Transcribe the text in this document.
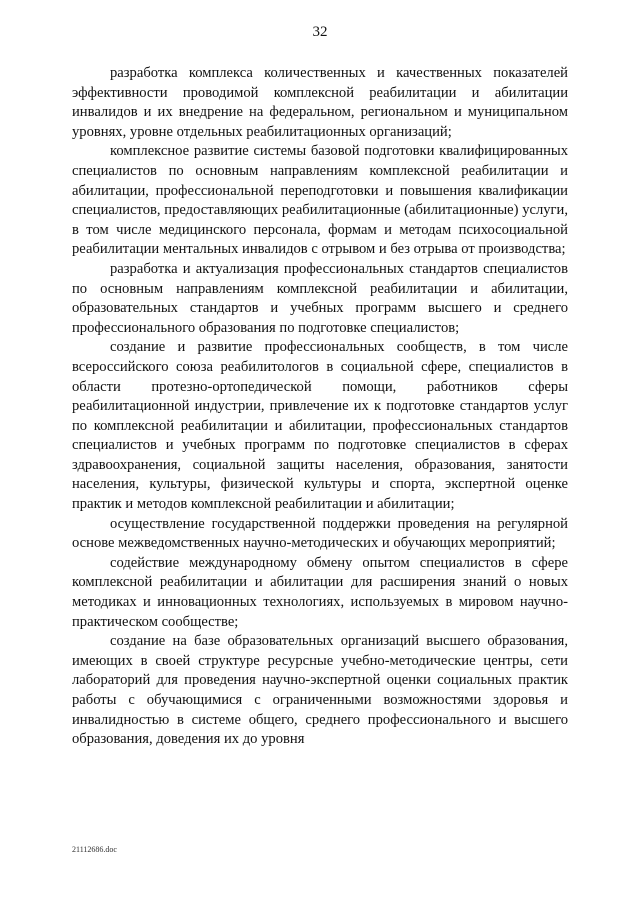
32

разработка комплекса количественных и качественных показателей эффективности проводимой комплексной реабилитации и абилитации инвалидов и их внедрение на федеральном, региональном и муниципальном уровнях, уровне отдельных реабилитационных организаций;

комплексное развитие системы базовой подготовки квалифицированных специалистов по основным направлениям комплексной реабилитации и абилитации, профессиональной переподготовки и повышения квалификации специалистов, предоставляющих реабилитационные (абилитационные) услуги, в том числе медицинского персонала, формам и методам психосоциальной реабилитации ментальных инвалидов с отрывом и без отрыва от производства;

разработка и актуализация профессиональных стандартов специалистов по основным направлениям комплексной реабилитации и абилитации, образовательных стандартов и учебных программ высшего и среднего профессионального образования по подготовке специалистов;

создание и развитие профессиональных сообществ, в том числе всероссийского союза реабилитологов в социальной сфере, специалистов в области протезно-ортопедической помощи, работников сферы реабилитационной индустрии, привлечение их к подготовке стандартов услуг по комплексной реабилитации и абилитации, профессиональных стандартов специалистов и учебных программ по подготовке специалистов в сферах здравоохранения, социальной защиты населения, образования, занятости населения, культуры, физической культуры и спорта, экспертной оценке практик и методов комплексной реабилитации и абилитации;

осуществление государственной поддержки проведения на регулярной основе межведомственных научно-методических и обучающих мероприятий;

содействие международному обмену опытом специалистов в сфере комплексной реабилитации и абилитации для расширения знаний о новых методиках и инновационных технологиях, используемых в мировом научно-практическом сообществе;

создание на базе образовательных организаций высшего образования, имеющих в своей структуре ресурсные учебно-методические центры, сети лабораторий для проведения научно-экспертной оценки социальных практик работы с обучающимися с ограниченными возможностями здоровья и инвалидностью в системе общего, среднего профессионального и высшего образования, доведения их до уровня

21112686.doc
